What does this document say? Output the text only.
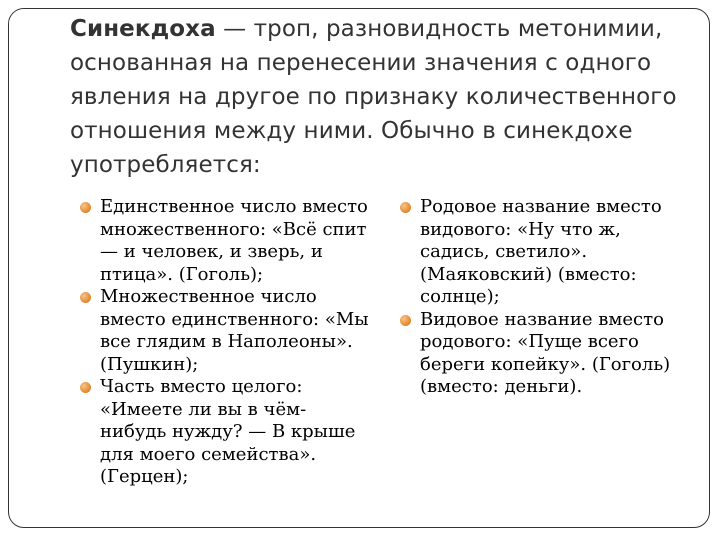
Синекдоха — троп, разновидность метонимии, основанная на перенесении значения с одного явления на другое по признаку количественного отношения между ними. Обычно в синекдохе употребляется:

Единственное число вместо множественного: «Всё спит — и человек, и зверь, и птица». (Гоголь);
Множественное число вместо единственного: «Мы все глядим в Наполеоны». (Пушкин);
Часть вместо целого: «Имеете ли вы в чём-нибудь нужду? — В крыше для моего семейства». (Герцен);
Родовое название вместо видового: «Ну что ж, садись, светило». (Маяковский) (вместо: солнце);
Видовое название вместо родового: «Пуще всего береги копейку». (Гоголь) (вместо: деньги).
